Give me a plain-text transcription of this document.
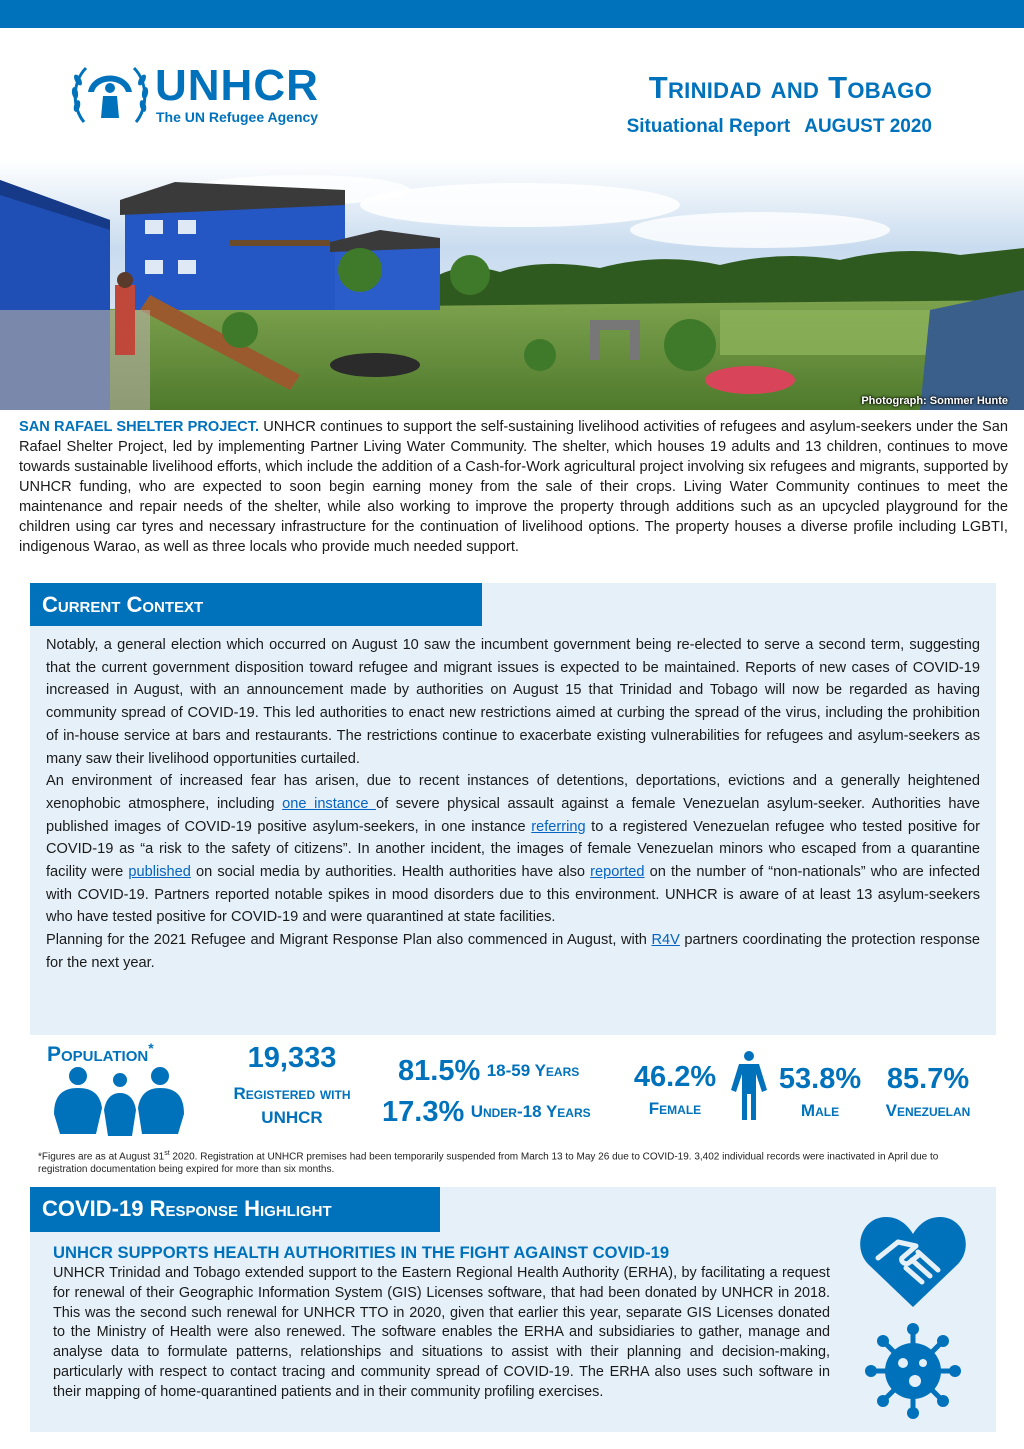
UNHCR
The UN Refugee Agency
Trinidad and Tobago
Situational Report AUGUST 2020
Photograph: Sommer Hunte

SAN RAFAEL SHELTER PROJECT. UNHCR continues to support the self-sustaining livelihood activities of refugees and asylum-seekers under the San Rafael Shelter Project, led by implementing Partner Living Water Community. The shelter, which houses 19 adults and 13 children, continues to move towards sustainable livelihood efforts, which include the addition of a Cash-for-Work agricultural project involving six refugees and migrants, supported by UNHCR funding, who are expected to soon begin earning money from the sale of their crops. Living Water Community continues to meet the maintenance and repair needs of the shelter, while also working to improve the property through additions such as an upcycled playground for the children using car tyres and necessary infrastructure for the continuation of livelihood options. The property houses a diverse profile including LGBTI, indigenous Warao, as well as three locals who provide much needed support.

Current Context

Notably, a general election which occurred on August 10 saw the incumbent government being re-elected to serve a second term, suggesting that the current government disposition toward refugee and migrant issues is expected to be maintained. Reports of new cases of COVID-19 increased in August, with an announcement made by authorities on August 15 that Trinidad and Tobago will now be regarded as having community spread of COVID-19. This led authorities to enact new restrictions aimed at curbing the spread of the virus, including the prohibition of in-house service at bars and restaurants. The restrictions continue to exacerbate existing vulnerabilities for refugees and asylum-seekers as many saw their livelihood opportunities curtailed.

An environment of increased fear has arisen, due to recent instances of detentions, deportations, evictions and a generally heightened xenophobic atmosphere, including one instance of severe physical assault against a female Venezuelan asylum-seeker. Authorities have published images of COVID-19 positive asylum-seekers, in one instance referring to a registered Venezuelan refugee who tested positive for COVID-19 as “a risk to the safety of citizens”. In another incident, the images of female Venezuelan minors who escaped from a quarantine facility were published on social media by authorities. Health authorities have also reported on the number of “non-nationals” who are infected with COVID-19. Partners reported notable spikes in mood disorders due to this environment. UNHCR is aware of at least 13 asylum-seekers who have tested positive for COVID-19 and were quarantined at state facilities.

Planning for the 2021 Refugee and Migrant Response Plan also commenced in August, with R4V partners coordinating the protection response for the next year.

Population*	19,333
Registered with UNHCR
81.5% 18-59 Years
17.3% Under-18 Years
46.2%
Female
53.8%
Male
85.7%
Venezuelan

*Figures are as at August 31st 2020. Registration at UNHCR premises had been temporarily suspended from March 13 to May 26 due to COVID-19. 3,402 individual records were inactivated in April due to registration documentation being expired for more than six months.

COVID-19 Response Highlight
UNHCR SUPPORTS HEALTH AUTHORITIES IN THE FIGHT AGAINST COVID-19

UNHCR Trinidad and Tobago extended support to the Eastern Regional Health Authority (ERHA), by facilitating a request for renewal of their Geographic Information System (GIS) Licenses software, that had been donated by UNHCR in 2018. This was the second such renewal for UNHCR TTO in 2020, given that earlier this year, separate GIS Licenses donated to the Ministry of Health were also renewed. The software enables the ERHA and subsidiaries to gather, manage and analyse data to formulate patterns, relationships and situations to assist with their planning and decision-making, particularly with respect to contact tracing and community spread of COVID-19. The ERHA also uses such software in their mapping of home-quarantined patients and in their community profiling exercises.
